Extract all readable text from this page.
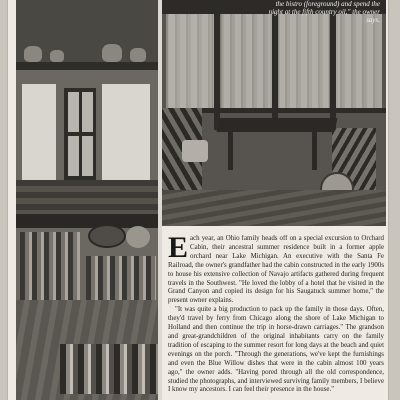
the bistro (foreground) and spend the night at the fifth country oil," the owner says.

Each year, an Ohio family heads off on a special excursion to Orchard Cabin, their ancestral summer residence built in a former apple orchard near Lake Michigan. An executive with the Santa Fe Railroad, the owner's grandfather had the cabin constructed in the early 1900s to house his extensive collection of Navajo artifacts gathered during frequent travels in the Southwest. "He loved the lobby of a hotel that he visited in the Grand Canyon and copied its design for his Saugatuck summer home," the present owner explains.

"It was quite a big production to pack up the family in those days. Often, they'd travel by ferry from Chicago along the shore of Lake Michigan to Holland and then continue the trip in horse-drawn carriages." The grandson and great-grandchildren of the original inhabitants carry on the family tradition of escaping to the summer resort for long days at the beach and quiet evenings on the porch. "Through the generations, we've kept the furnishings and even the Blue Willow dishes that were in the cabin almost 100 years ago," the owner adds. "Having pored through all the old correspondence, studied the photographs, and interviewed surviving family members, I believe I know my ancestors. I can feel their presence in the house."
